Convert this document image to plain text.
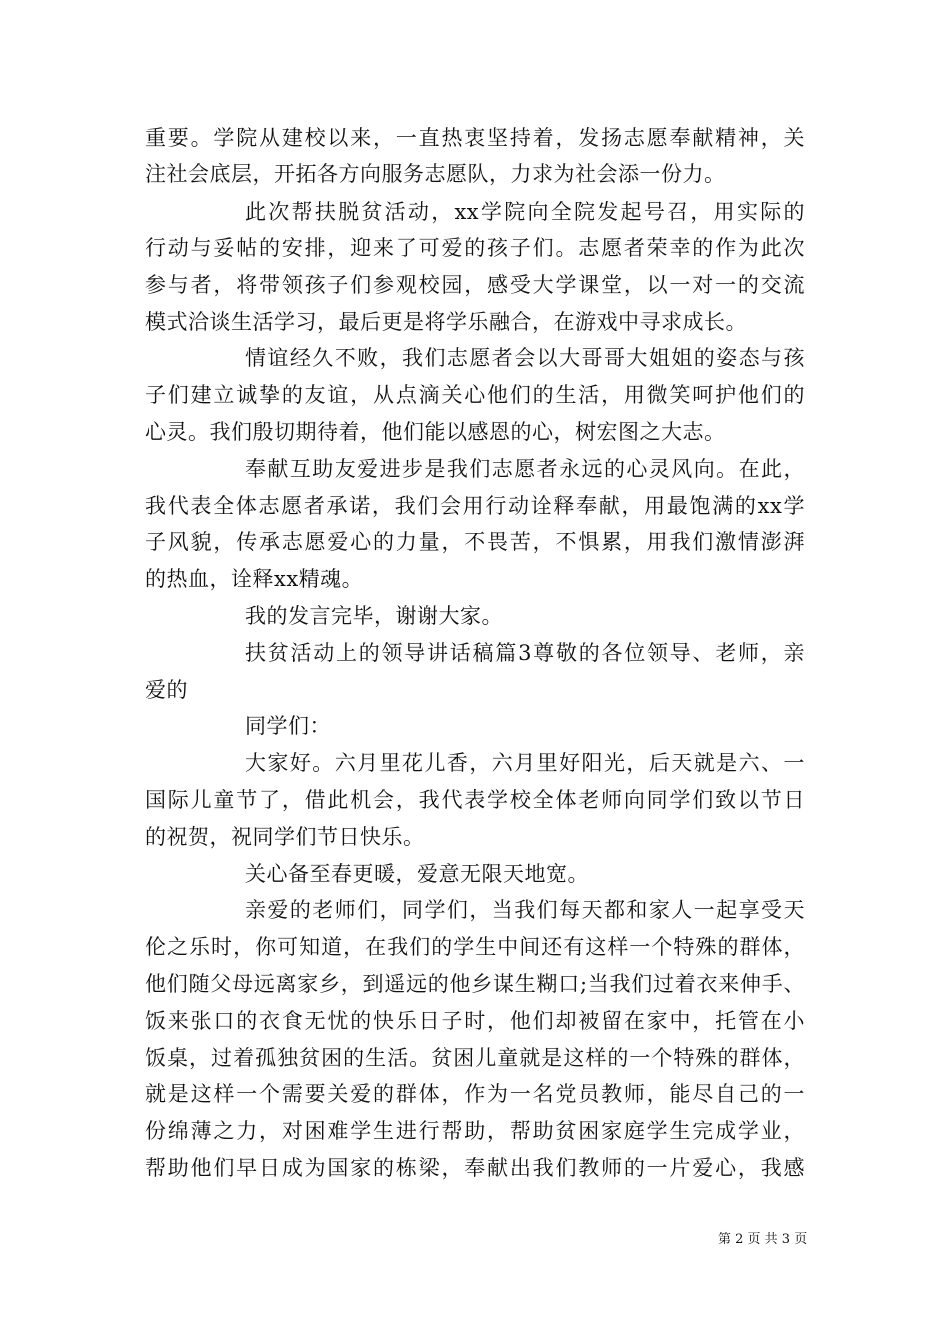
重要。学院从建校以来，一直热衷坚持着，发扬志愿奉献精神，关
注社会底层，开拓各方向服务志愿队，力求为社会添一份力。
此次帮扶脱贫活动，xx学院向全院发起号召，用实际的
行动与妥帖的安排，迎来了可爱的孩子们。志愿者荣幸的作为此次
参与者，将带领孩子们参观校园，感受大学课堂，以一对一的交流
模式洽谈生活学习，最后更是将学乐融合，在游戏中寻求成长。
情谊经久不败，我们志愿者会以大哥哥大姐姐的姿态与孩
子们建立诚挚的友谊，从点滴关心他们的生活，用微笑呵护他们的
心灵。我们殷切期待着，他们能以感恩的心，树宏图之大志。
奉献互助友爱进步是我们志愿者永远的心灵风向。在此，
我代表全体志愿者承诺，我们会用行动诠释奉献，用最饱满的xx学
子风貌，传承志愿爱心的力量，不畏苦，不惧累，用我们激情澎湃
的热血，诠释xx精魂。
我的发言完毕，谢谢大家。
扶贫活动上的领导讲话稿篇3尊敬的各位领导、老师，亲
爱的
同学们：
大家好。六月里花儿香，六月里好阳光，后天就是六、一
国际儿童节了，借此机会，我代表学校全体老师向同学们致以节日
的祝贺，祝同学们节日快乐。
关心备至春更暖，爱意无限天地宽。
亲爱的老师们，同学们，当我们每天都和家人一起享受天
伦之乐时，你可知道，在我们的学生中间还有这样一个特殊的群体，
他们随父母远离家乡，到遥远的他乡谋生糊口;当我们过着衣来伸手、
饭来张口的衣食无忧的快乐日子时，他们却被留在家中，托管在小
饭桌，过着孤独贫困的生活。贫困儿童就是这样的一个特殊的群体，
就是这样一个需要关爱的群体，作为一名党员教师，能尽自己的一
份绵薄之力，对困难学生进行帮助，帮助贫困家庭学生完成学业，
帮助他们早日成为国家的栋梁，奉献出我们教师的一片爱心，我感
第 2 页 共 3 页
